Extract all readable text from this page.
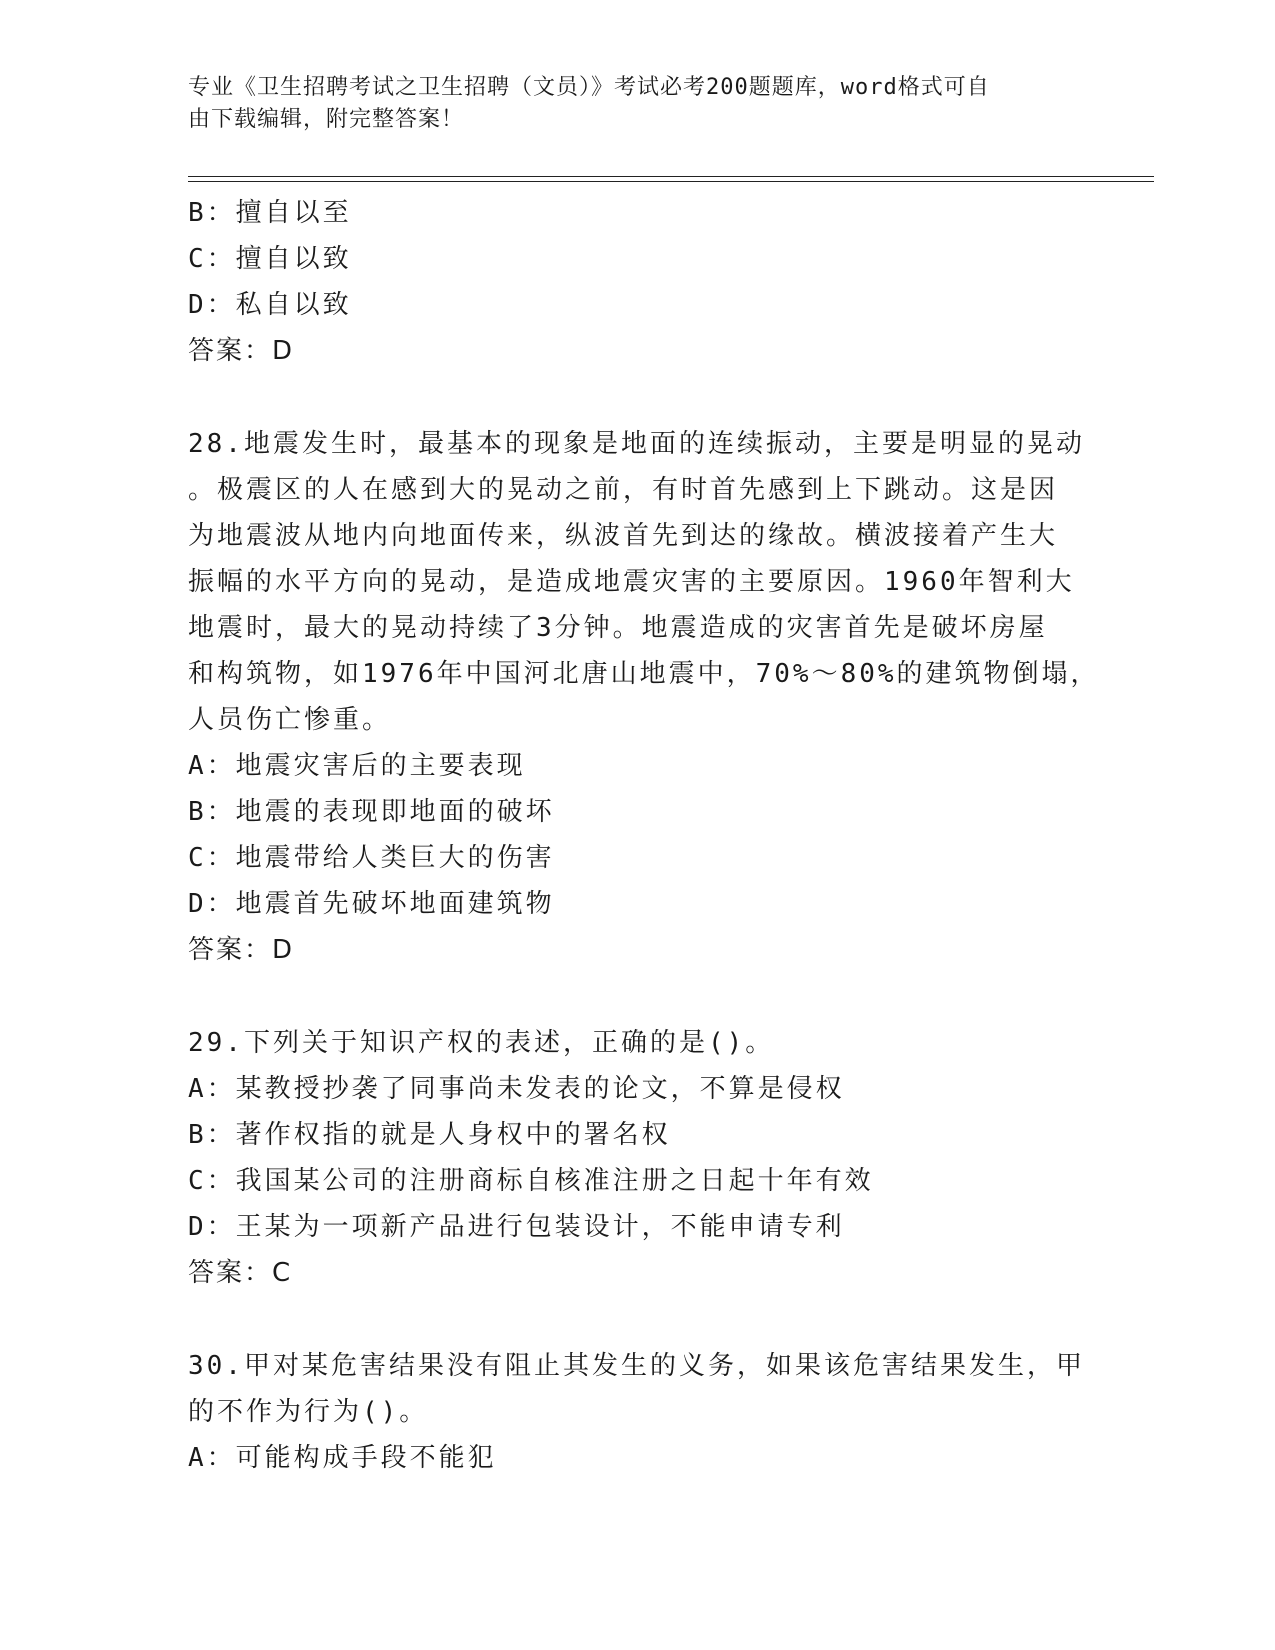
专业《卫生招聘考试之卫生招聘（文员）》考试必考200题题库，word格式可自
由下载编辑，附完整答案！
B：擅自以至
C：擅自以致
D：私自以致
答案：D
28.地震发生时，最基本的现象是地面的连续振动，主要是明显的晃动
。极震区的人在感到大的晃动之前，有时首先感到上下跳动。这是因
为地震波从地内向地面传来，纵波首先到达的缘故。横波接着产生大
振幅的水平方向的晃动，是造成地震灾害的主要原因。1960年智利大
地震时，最大的晃动持续了3分钟。地震造成的灾害首先是破坏房屋
和构筑物，如1976年中国河北唐山地震中，70%～80%的建筑物倒塌，
人员伤亡惨重。
A：地震灾害后的主要表现
B：地震的表现即地面的破坏
C：地震带给人类巨大的伤害
D：地震首先破坏地面建筑物
答案：D
29.下列关于知识产权的表述，正确的是()。
A：某教授抄袭了同事尚未发表的论文，不算是侵权
B：著作权指的就是人身权中的署名权
C：我国某公司的注册商标自核准注册之日起十年有效
D：王某为一项新产品进行包装设计，不能申请专利
答案：C
30.甲对某危害结果没有阻止其发生的义务，如果该危害结果发生，甲
的不作为行为()。
A：可能构成手段不能犯
